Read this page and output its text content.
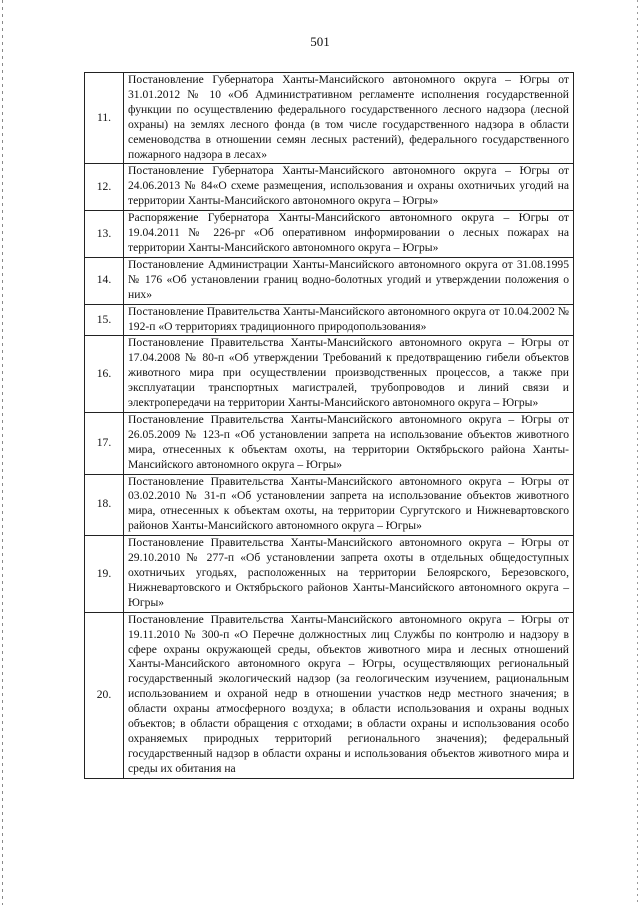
501
11.	Постановление Губернатора Ханты-Мансийского автономного округа – Югры от 31.01.2012 № 10 «Об Административном регламенте исполнения государственной функции по осуществлению федерального государственного лесного надзора (лесной охраны) на землях лесного фонда (в том числе государственного надзора в области семеноводства в отношении семян лесных растений), федерального государственного пожарного надзора в лесах»
12.	Постановление Губернатора Ханты-Мансийского автономного округа – Югры от 24.06.2013 № 84«О схеме размещения, использования и охраны охотничьих угодий на территории Ханты-Мансийского автономного округа – Югры»
13.	Распоряжение Губернатора Ханты-Мансийского автономного округа – Югры от 19.04.2011 № 226-рг «Об оперативном информировании о лесных пожарах на территории Ханты-Мансийского автономного округа – Югры»
14.	Постановление Администрации Ханты-Мансийского автономного округа от 31.08.1995 № 176 «Об установлении границ водно-болотных угодий и утверждении положения о них»
15.	Постановление Правительства Ханты-Мансийского автономного округа от 10.04.2002 № 192-п «О территориях традиционного природопользования»
16.	Постановление Правительства Ханты-Мансийского автономного округа – Югры от 17.04.2008 № 80-п «Об утверждении Требований к предотвращению гибели объектов животного мира при осуществлении производственных процессов, а также при эксплуатации транспортных магистралей, трубопроводов и линий связи и электропередачи на территории Ханты-Мансийского автономного округа – Югры»
17.	Постановление Правительства Ханты-Мансийского автономного округа – Югры от 26.05.2009 № 123-п «Об установлении запрета на использование объектов животного мира, отнесенных к объектам охоты, на территории Октябрьского района Ханты-Мансийского автономного округа – Югры»
18.	Постановление Правительства Ханты-Мансийского автономного округа – Югры от 03.02.2010 № 31-п «Об установлении запрета на использование объектов животного мира, отнесенных к объектам охоты, на территории Сургутского и Нижневартовского районов Ханты-Мансийского автономного округа – Югры»
19.	Постановление Правительства Ханты-Мансийского автономного округа – Югры от 29.10.2010 № 277-п «Об установлении запрета охоты в отдельных общедоступных охотничьих угодьях, расположенных на территории Белоярского, Березовского, Нижневартовского и Октябрьского районов Ханты-Мансийского автономного округа – Югры»
20.	Постановление Правительства Ханты-Мансийского автономного округа – Югры от 19.11.2010 № 300-п «О Перечне должностных лиц Службы по контролю и надзору в сфере охраны окружающей среды, объектов животного мира и лесных отношений Ханты-Мансийского автономного округа – Югры, осуществляющих региональный государственный экологический надзор (за геологическим изучением, рациональным использованием и охраной недр в отношении участков недр местного значения; в области охраны атмосферного воздуха; в области использования и охраны водных объектов; в области обращения с отходами; в области охраны и использования особо охраняемых природных территорий регионального значения); федеральный государственный надзор в области охраны и использования объектов животного мира и среды их обитания на
